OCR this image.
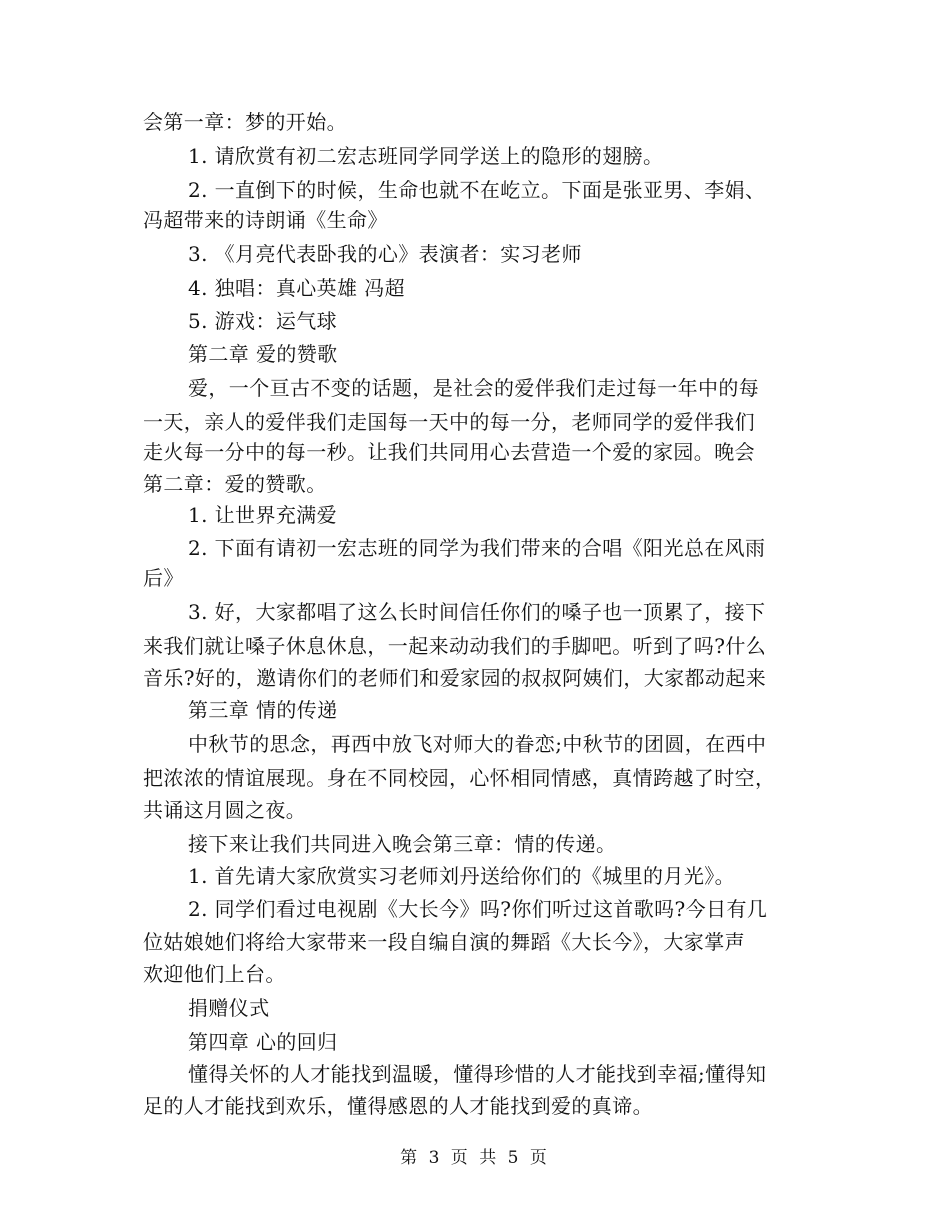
会第一章：梦的开始。
1. 请欣赏有初二宏志班同学同学送上的隐形的翅膀。
2. 一直倒下的时候，生命也就不在屹立。下面是张亚男、李娟、
冯超带来的诗朗诵《生命》
3. 《月亮代表卧我的心》表演者：实习老师
4. 独唱：真心英雄 冯超
5. 游戏：运气球
第二章 爱的赞歌
爱，一个亘古不变的话题，是社会的爱伴我们走过每一年中的每
一天，亲人的爱伴我们走国每一天中的每一分，老师同学的爱伴我们
走火每一分中的每一秒。让我们共同用心去营造一个爱的家园。晚会
第二章：爱的赞歌。
1. 让世界充满爱
2. 下面有请初一宏志班的同学为我们带来的合唱《阳光总在风雨
后》
3. 好，大家都唱了这么长时间信任你们的嗓子也一顶累了，接下
来我们就让嗓子休息休息，一起来动动我们的手脚吧。听到了吗?什么
音乐?好的，邀请你们的老师们和爱家园的叔叔阿姨们，大家都动起来
第三章 情的传递
中秋节的思念，再西中放飞对师大的眷恋;中秋节的团圆，在西中
把浓浓的情谊展现。身在不同校园，心怀相同情感，真情跨越了时空，
共诵这月圆之夜。
接下来让我们共同进入晚会第三章：情的传递。
1. 首先请大家欣赏实习老师刘丹送给你们的《城里的月光》。
2. 同学们看过电视剧《大长今》吗?你们听过这首歌吗?今日有几
位姑娘她们将给大家带来一段自编自演的舞蹈《大长今》，大家掌声
欢迎他们上台。
捐赠仪式
第四章 心的回归
懂得关怀的人才能找到温暖，懂得珍惜的人才能找到幸福;懂得知
足的人才能找到欢乐，懂得感恩的人才能找到爱的真谛。
第 3 页 共 5 页
